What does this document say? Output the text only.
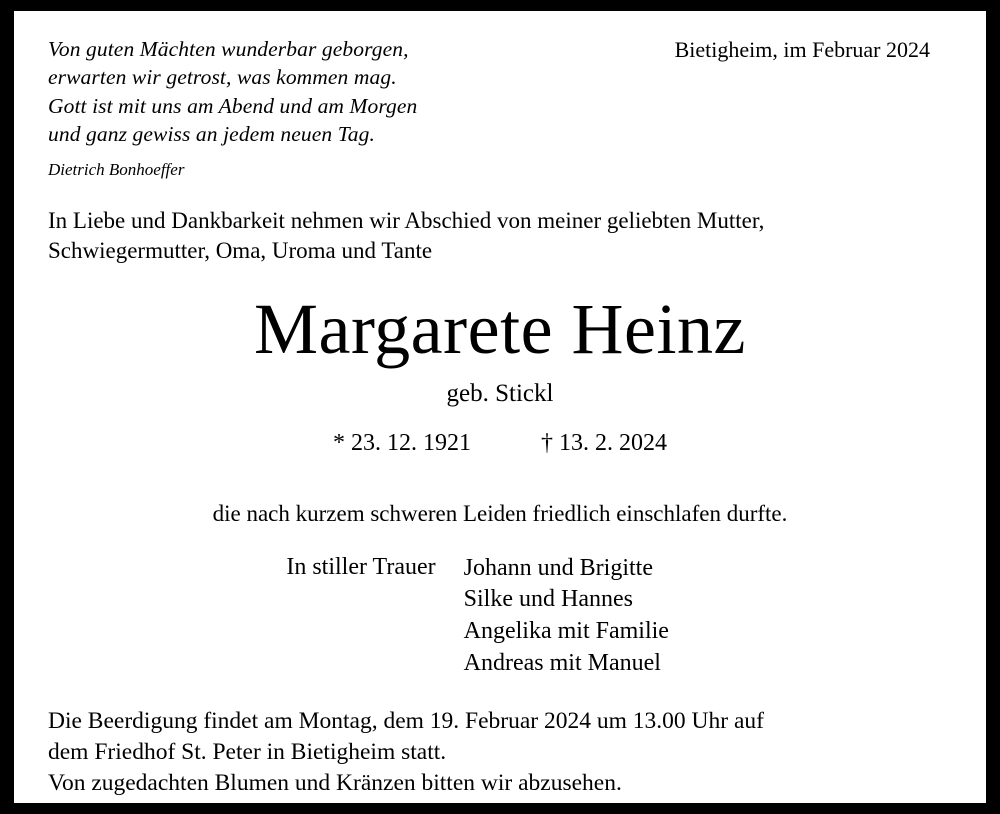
Von guten Mächten wunderbar geborgen,
erwarten wir getrost, was kommen mag.
Gott ist mit uns am Abend und am Morgen
und ganz gewiss an jedem neuen Tag.
Bietigheim, im Februar 2024
Dietrich Bonhoeffer
In Liebe und Dankbarkeit nehmen wir Abschied von meiner geliebten Mutter,
Schwiegermutter, Oma, Uroma und Tante
Margarete Heinz
geb. Stickl
* 23. 12. 1921	† 13. 2. 2024
die nach kurzem schweren Leiden friedlich einschlafen durfte.
In stiller Trauer Johann und Brigitte
Silke und Hannes
Angelika mit Familie
Andreas mit Manuel
Die Beerdigung findet am Montag, dem 19. Februar 2024 um 13.00 Uhr auf
dem Friedhof St. Peter in Bietigheim statt.
Von zugedachten Blumen und Kränzen bitten wir abzusehen.
